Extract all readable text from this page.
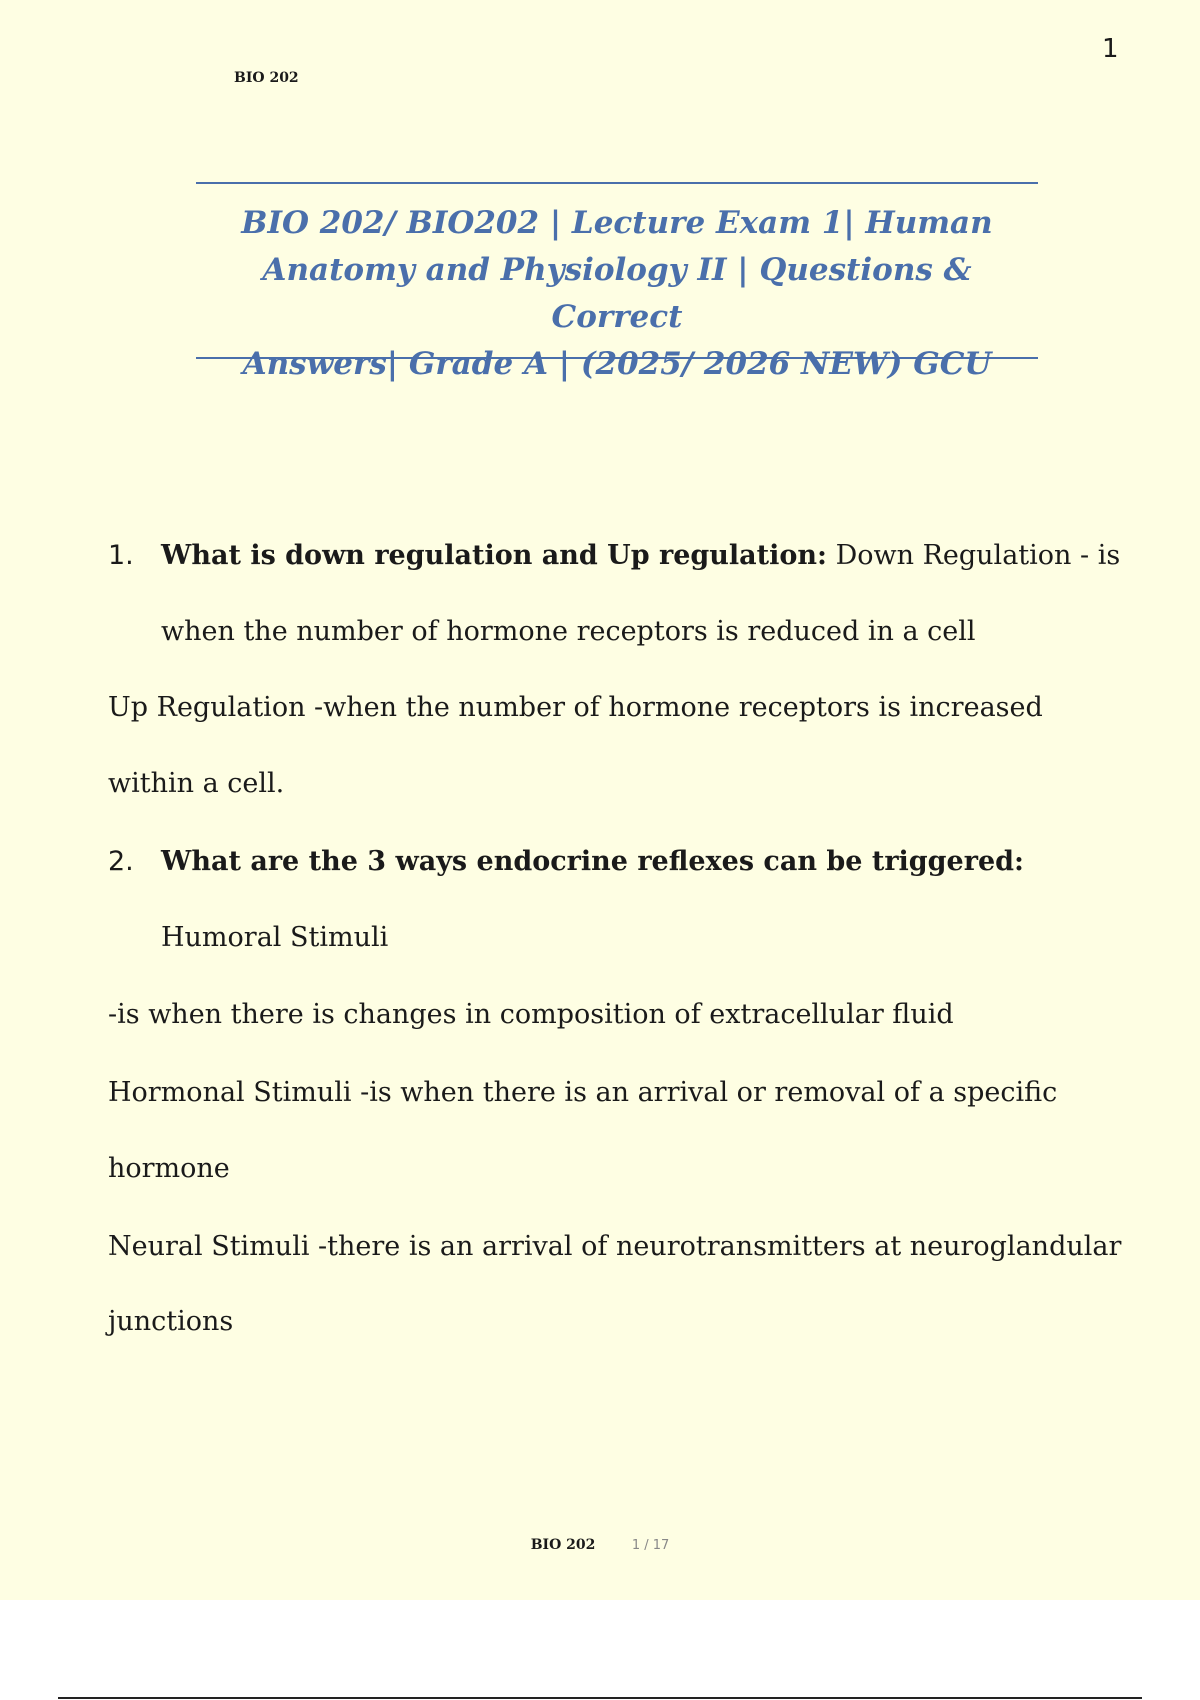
BIO 202
1
BIO 202/ BIO202 | Lecture Exam 1| Human
Anatomy and Physiology II | Questions & Correct
Answers| Grade A | (2025/ 2026 NEW) GCU
1.	What is down regulation and Up regulation: Down Regulation - is
when the number of hormone receptors is reduced in a cell
Up Regulation -when the number of hormone receptors is increased
within a cell.
2.	What are the 3 ways endocrine reflexes can be triggered:
Humoral Stimuli
-is when there is changes in composition of extracellular fluid
Hormonal Stimuli -is when there is an arrival or removal of a specific
hormone
Neural Stimuli -there is an arrival of neurotransmitters at neuroglandular
junctions
BIO 202	1 / 17
